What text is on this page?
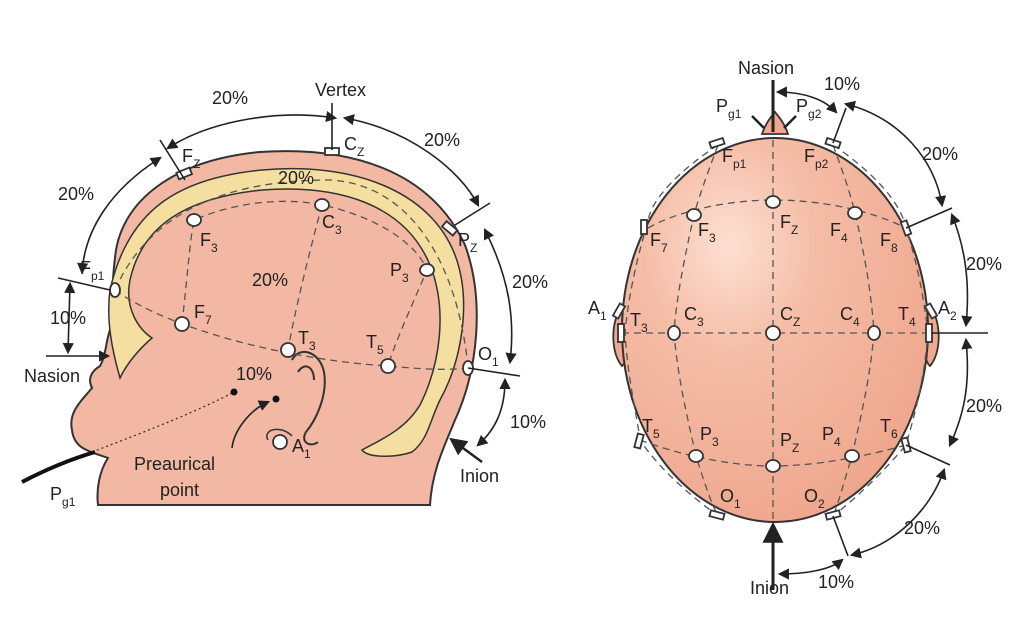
Vertex
Nasion
Inion
Preaurical
point
20%
20%
20%
10%
20%
10%
20%
20%
10%
$F_Z$
$C_Z$
$P_Z$
$F_{p1}$
$F_3$
$C_3$
$P_3$
$F_7$
$T_3$	$T_5$	$O_1$
$A_1$
$P_{g1}$
Nasion
Inion
10%
20%
20%
20%
20%
10%
$P_{g1}$	$P_{g2}$
$F_{p1}$	$F_{p2}$
$F_7$
$F_3$
$F_Z$ $F_4$ $F_8$
$A_1$ $T_3$
$C_3$	$C_Z$ $C_4$ $T_4$
$A_2$
$T_5$ $P_3$	$P_Z$
$P_4$
$T_6$
$O_1$	$O_2$
